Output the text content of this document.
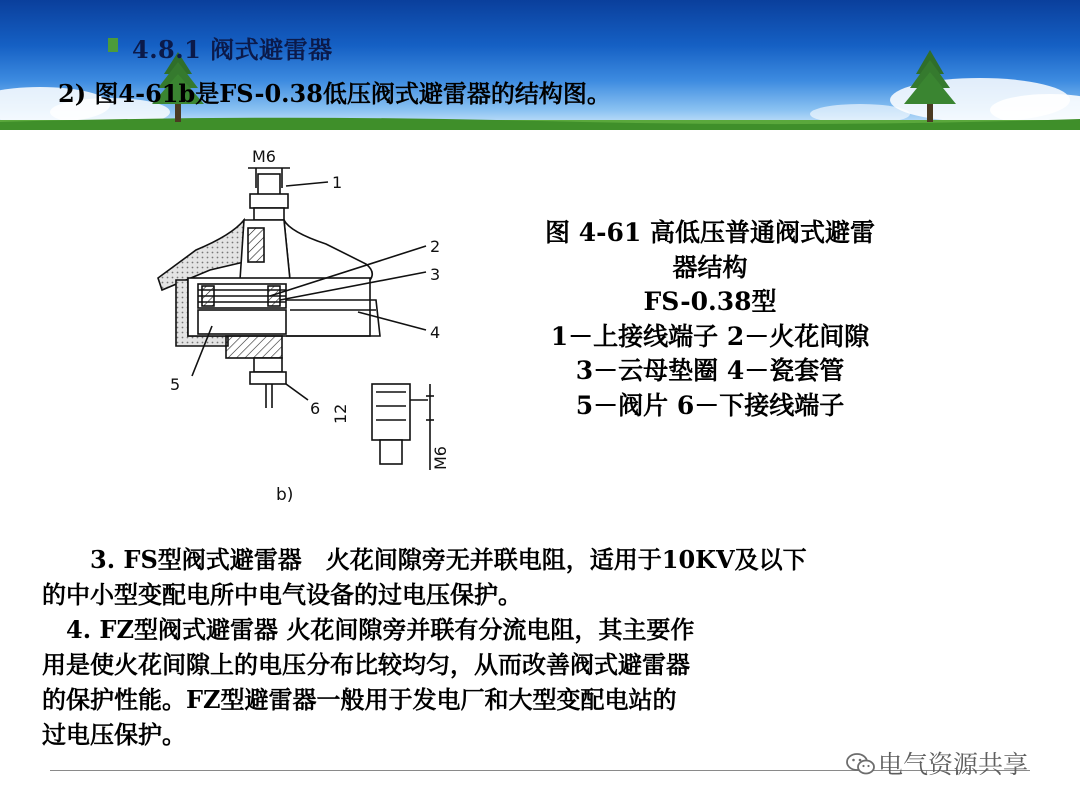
4.8.1 阀式避雷器
2) 图4-61b是FS-0.38低压阀式避雷器的结构图。
M6
1
2
3
4
5
6 12
M6
b)
图 4-61 高低压普通阀式避雷
器结构
FS-0.38型
1－上接线端子 2－火花间隙
3－云母垫圈 4－瓷套管
5－阀片 6－下接线端子
　　3. FS型阀式避雷器　火花间隙旁无并联电阻，适用于10KV及以下
的中小型变配电所中电气设备的过电压保护。
　4. FZ型阀式避雷器 火花间隙旁并联有分流电阻，其主要作
用是使火花间隙上的电压分布比较均匀，从而改善阀式避雷器
的保护性能。FZ型避雷器一般用于发电厂和大型变配电站的
过电压保护。
电气资源共享
